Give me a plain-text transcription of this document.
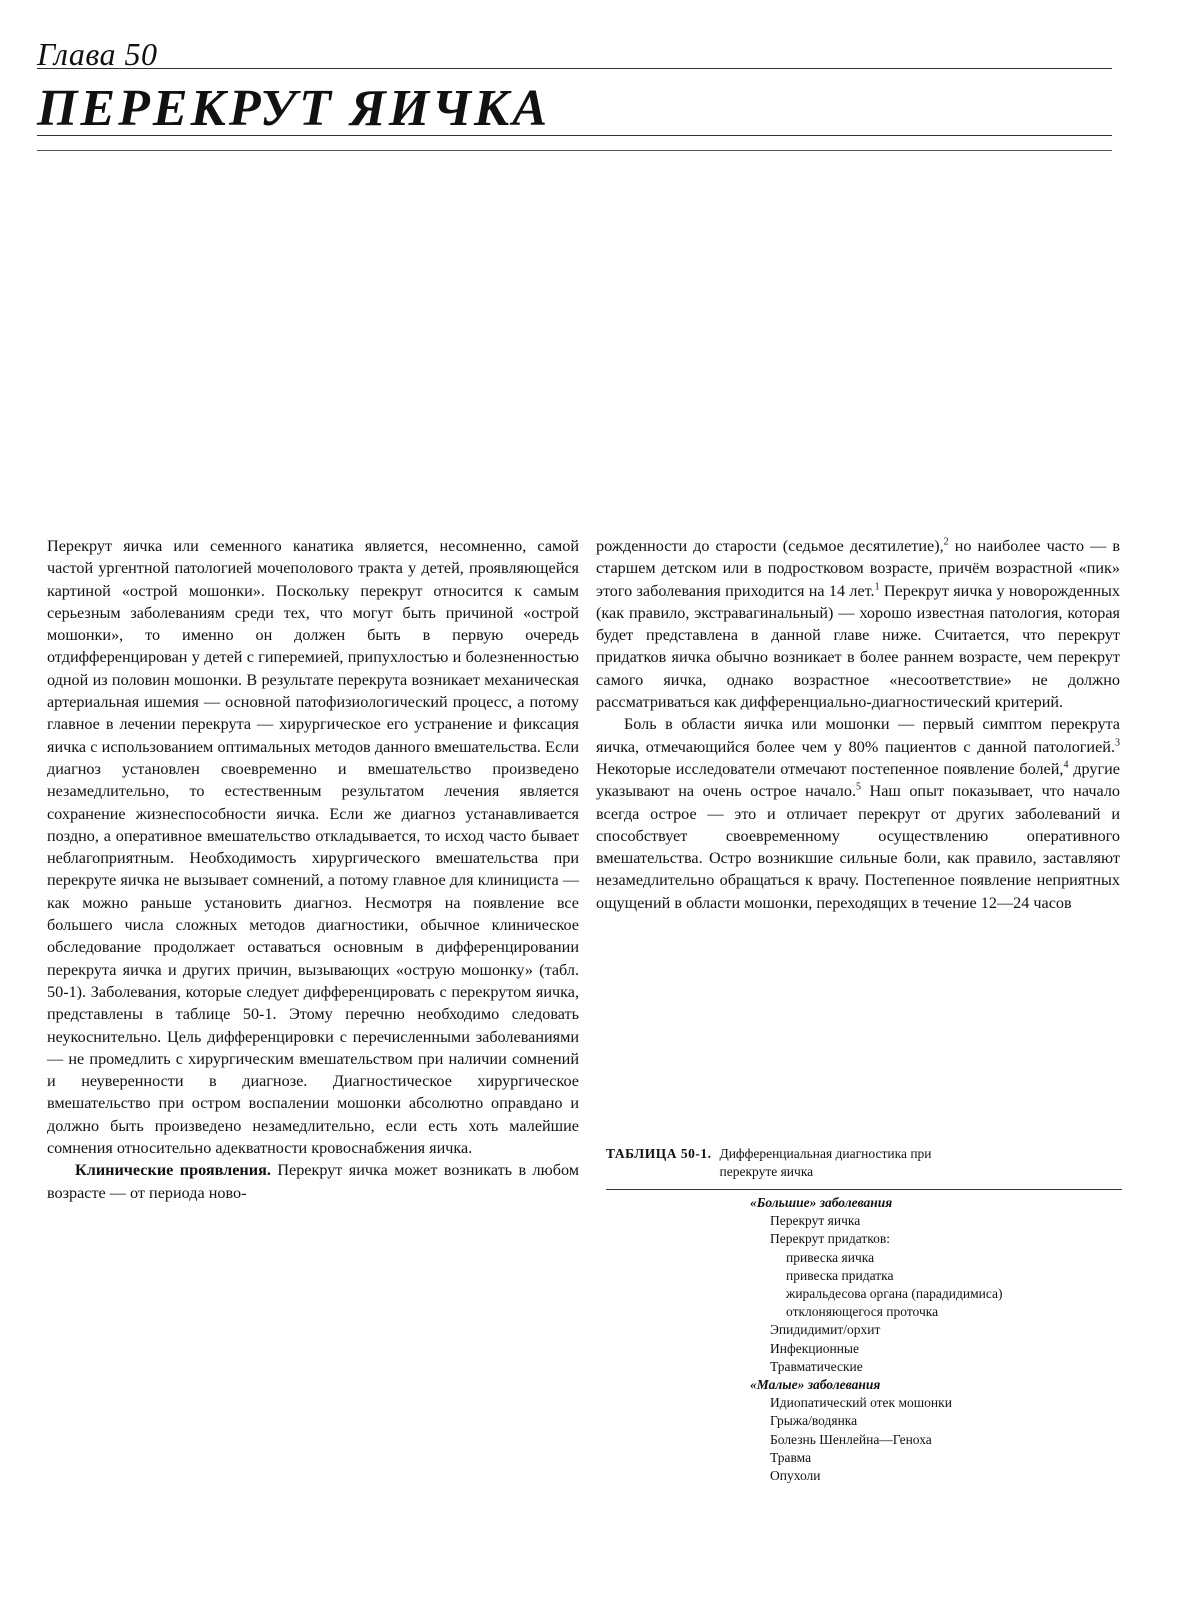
Глава 50
ПЕРЕКРУТ ЯИЧКА

Перекрут яичка или семенного канатика является, несомненно, самой частой ургентной патологией мочеполового тракта у детей, проявляющейся картиной «острой мошонки». Поскольку перекрут относится к самым серьезным заболеваниям среди тех, что могут быть причиной «острой мошонки», то именно он должен быть в первую очередь отдифференцирован у детей с гиперемией, припухлостью и болезненностью одной из половин мошонки. В результате перекрута возникает механическая артериальная ишемия — основной патофизиологический процесс, а потому главное в лечении перекрута — хирургическое его устранение и фиксация яичка с использованием оптимальных методов данного вмешательства. Если диагноз установлен своевременно и вмешательство произведено незамедлительно, то естественным результатом лечения является сохранение жизнеспособности яичка. Если же диагноз устанавливается поздно, а оперативное вмешательство откладывается, то исход часто бывает неблагоприятным. Необходимость хирургического вмешательства при перекруте яичка не вызывает сомнений, а потому главное для клинициста — как можно раньше установить диагноз. Несмотря на появление все большего числа сложных методов диагностики, обычное клиническое обследование продолжает оставаться основным в дифференцировании перекрута яичка и других причин, вызывающих «острую мошонку» (табл. 50-1). Заболевания, которые следует дифференцировать с перекрутом яичка, представлены в таблице 50-1. Этому перечню необходимо следовать неукоснительно. Цель дифференцировки с перечисленными заболеваниями — не промедлить с хирургическим вмешательством при наличии сомнений и неуверенности в диагнозе. Диагностическое хирургическое вмешательство при остром воспалении мошонки абсолютно оправдано и должно быть произведено незамедлительно, если есть хоть малейшие сомнения относительно адекватности кровоснабжения яичка.

Клинические проявления. Перекрут яичка может возникать в любом возрасте — от периода ново-

рожденности до старости (седьмое десятилетие),$^2$ но наиболее часто — в старшем детском или в подростковом возрасте, причём возрастной «пик» этого заболевания приходится на 14 лет.$^1$ Перекрут яичка у новорожденных (как правило, экстравагинальный) — хорошо известная патология, которая будет представлена в данной главе ниже. Считается, что перекрут придатков яичка обычно возникает в более раннем возрасте, чем перекрут самого яичка, однако возрастное «несоответствие» не должно рассматриваться как дифференциально-диагностический критерий.

Боль в области яичка или мошонки — первый симптом перекрута яичка, отмечающийся более чем у 80% пациентов с данной патологией.$^3$ Некоторые исследователи отмечают постепенное появление болей,$^4$ другие указывают на очень острое начало.$^5$ Наш опыт показывает, что начало всегда острое — это и отличает перекрут от других заболеваний и способствует своевременному осуществлению оперативного вмешательства. Остро возникшие сильные боли, как правило, заставляют незамедлительно обращаться к врачу. Постепенное появление неприятных ощущений в области мошонки, переходящих в течение 12—24 часов

ТАБЛИЦА 50-1. Дифференциальная диагностика при перекруте яичка
«Большие» заболевания
Перекрут яичка
Перекрут придатков:
привеска яичка
привеска придатка
жиральдесова органа (парадидимиса)
отклоняющегося проточка
Эпидидимит/орхит
Инфекционные
Травматические
«Малые» заболевания
Идиопатический отек мошонки
Грыжа/водянка
Болезнь Шенлейна—Геноха
Травма
Опухоли
